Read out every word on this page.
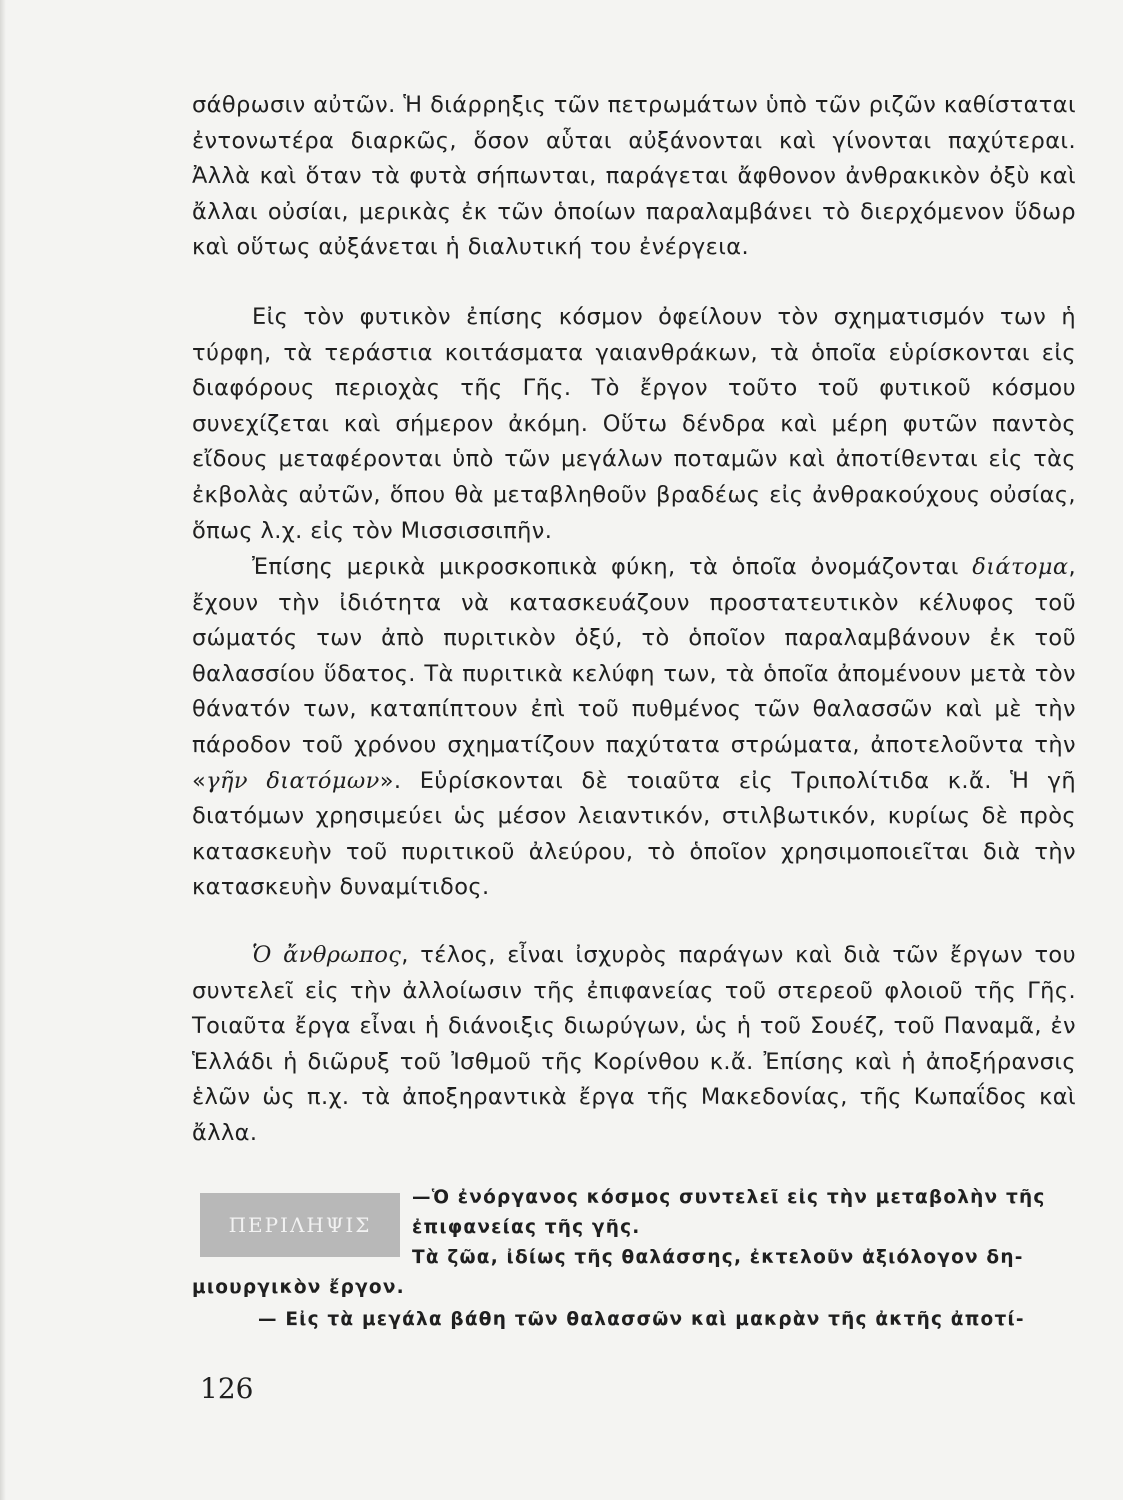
σάθρωσιν αὐτῶν. Ἡ διάρρηξις τῶν πετρωμάτων ὑπὸ τῶν ριζῶν καθίσταται ἐντονωτέρα διαρκῶς, ὅσον αὗται αὐξάνονται καὶ γίνονται παχύτεραι. Ἀλλὰ καὶ ὅταν τὰ φυτὰ σήπωνται, παράγεται ἄφθονον ἀνθρακικὸν ὀξὺ καὶ ἄλλαι οὐσίαι, μερικὰς ἐκ τῶν ὁποίων παραλαμβάνει τὸ διερχόμενον ὕδωρ καὶ οὕτως αὐξάνεται ἡ διαλυτική του ἐνέργεια.

Εἰς τὸν φυτικὸν ἐπίσης κόσμον ὀφείλουν τὸν σχηματισμόν των ἡ τύρφη, τὰ τεράστια κοιτάσματα γαιανθράκων, τὰ ὁποῖα εὑρίσκονται εἰς διαφόρους περιοχὰς τῆς Γῆς. Τὸ ἔργον τοῦτο τοῦ φυτικοῦ κόσμου συνεχίζεται καὶ σήμερον ἀκόμη. Οὕτω δένδρα καὶ μέρη φυτῶν παντὸς εἴδους μεταφέρονται ὑπὸ τῶν μεγάλων ποταμῶν καὶ ἀποτίθενται εἰς τὰς ἐκβολὰς αὐτῶν, ὅπου θὰ μεταβληθοῦν βραδέως εἰς ἀνθρακούχους οὐσίας, ὅπως λ.χ. εἰς τὸν Μισσισσιπῆν.

Ἐπίσης μερικὰ μικροσκοπικὰ φύκη, τὰ ὁποῖα ὀνομάζονται διάτομα, ἔχουν τὴν ἰδιότητα νὰ κατασκευάζουν προστατευτικὸν κέλυφος τοῦ σώματός των ἀπὸ πυριτικὸν ὀξύ, τὸ ὁποῖον παραλαμβάνουν ἐκ τοῦ θαλασσίου ὕδατος. Τὰ πυριτικὰ κελύφη των, τὰ ὁποῖα ἀπομένουν μετὰ τὸν θάνατόν των, καταπίπτουν ἐπὶ τοῦ πυθμένος τῶν θαλασσῶν καὶ μὲ τὴν πάροδον τοῦ χρόνου σχηματίζουν παχύτατα στρώματα, ἀποτελοῦντα τὴν «γῆν διατόμων». Εὑρίσκονται δὲ τοιαῦτα εἰς Τριπολίτιδα κ.ἄ. Ἡ γῆ διατόμων χρησιμεύει ὡς μέσον λειαντικόν, στιλβωτικόν, κυρίως δὲ πρὸς κατασκευὴν τοῦ πυριτικοῦ ἀλεύρου, τὸ ὁποῖον χρησιμοποιεῖται διὰ τὴν κατασκευὴν δυναμίτιδος.

Ὁ ἄνθρωπος, τέλος, εἶναι ἰσχυρὸς παράγων καὶ διὰ τῶν ἔργων του συντελεῖ εἰς τὴν ἀλλοίωσιν τῆς ἐπιφανείας τοῦ στερεοῦ φλοιοῦ τῆς Γῆς. Τοιαῦτα ἔργα εἶναι ἡ διάνοιξις διωρύγων, ὡς ἡ τοῦ Σουέζ, τοῦ Παναμᾶ, ἐν Ἑλλάδι ἡ διῶρυξ τοῦ Ἰσθμοῦ τῆς Κορίνθου κ.ἄ. Ἐπίσης καὶ ἡ ἀποξήρανσις ἑλῶν ὡς π.χ. τὰ ἀποξηραντικὰ ἔργα τῆς Μακεδονίας, τῆς Κωπαΐδος καὶ ἄλλα.

ΠΕΡΙΛΗΨΙΣ
—Ὁ ἐνόργανος κόσμος συντελεῖ εἰς τὴν μεταβολὴν τῆς ἐπιφανείας τῆς γῆς.
Τὰ ζῶα, ἰδίως τῆς θαλάσσης, ἐκτελοῦν ἀξιόλογον δη-
μιουργικὸν ἔργον.
— Εἰς τὰ μεγάλα βάθη τῶν θαλασσῶν καὶ μακρὰν τῆς ἀκτῆς ἀποτί-
126
